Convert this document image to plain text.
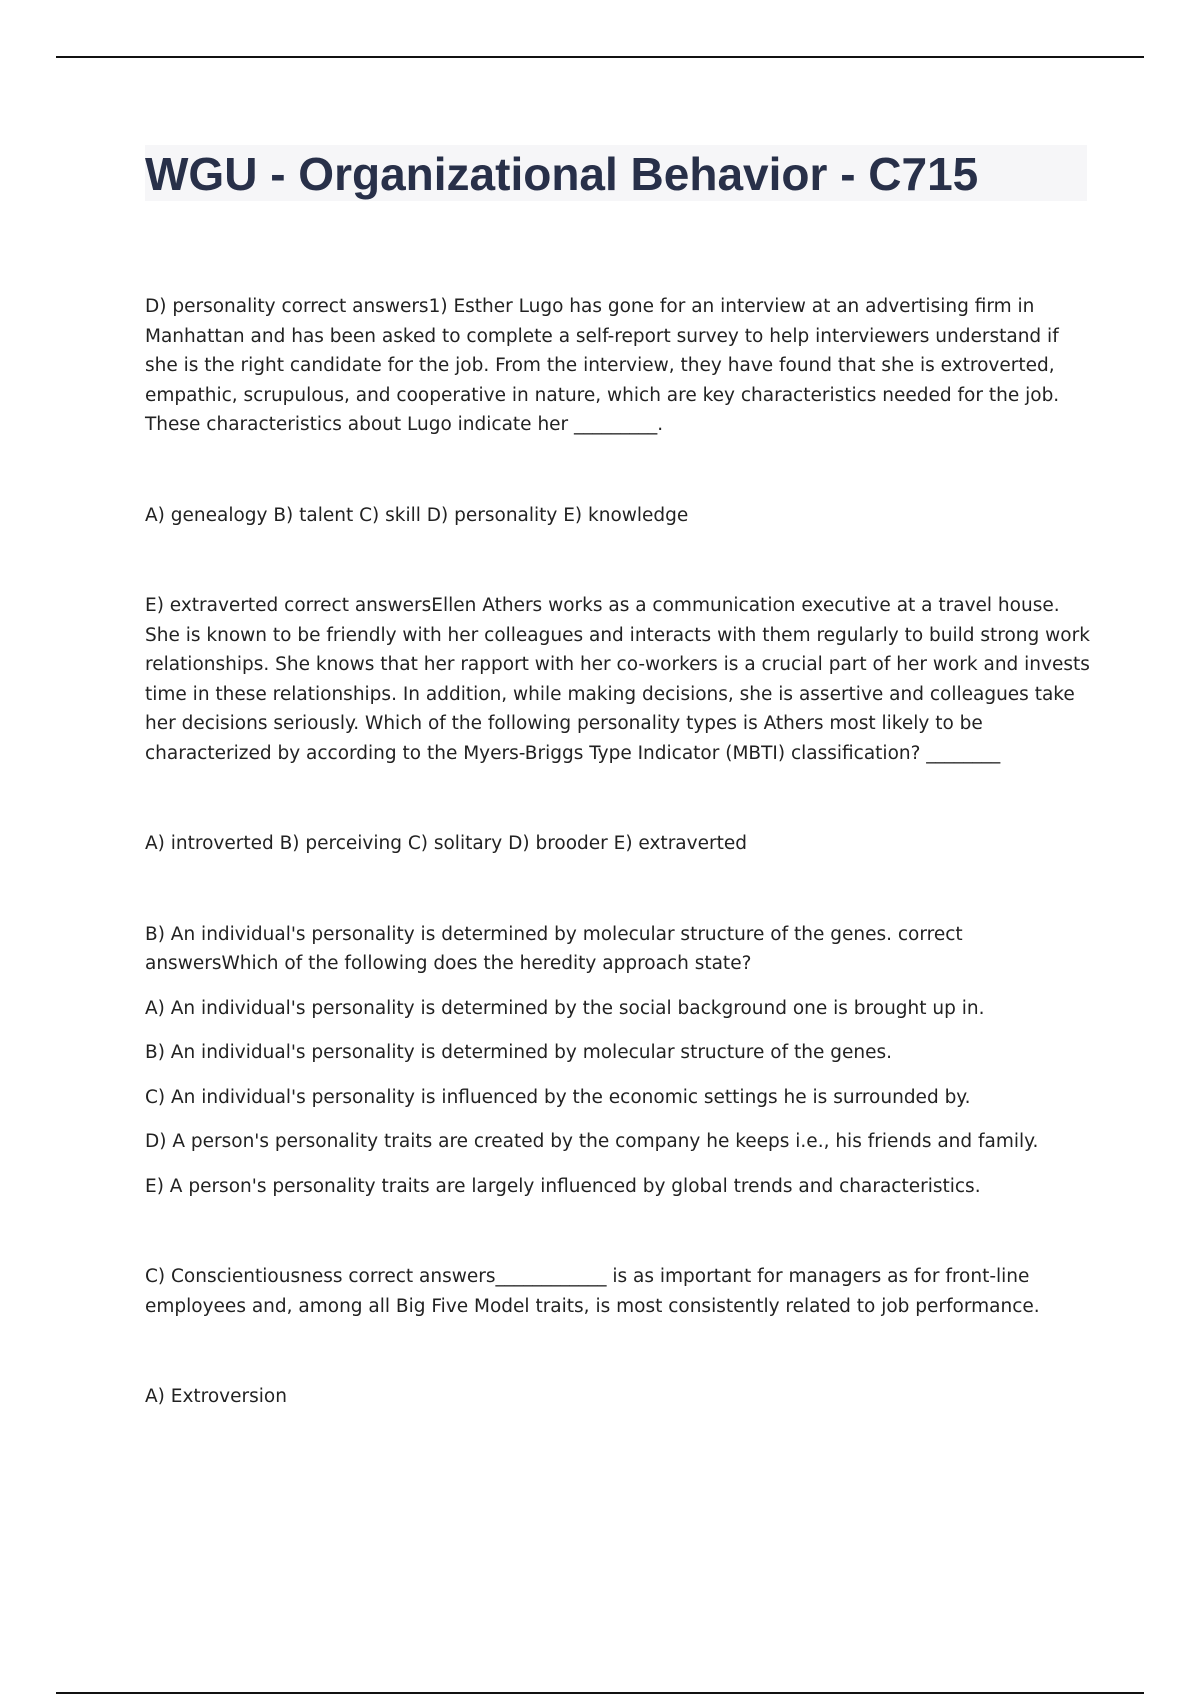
WGU - Organizational Behavior - C715

D) personality correct answers1) Esther Lugo has gone for an interview at an advertising firm in Manhattan and has been asked to complete a self-report survey to help interviewers understand if she is the right candidate for the job. From the interview, they have found that she is extroverted, empathic, scrupulous, and cooperative in nature, which are key characteristics needed for the job. These characteristics about Lugo indicate her _________.

A) genealogy B) talent C) skill D) personality E) knowledge

E) extraverted correct answersEllen Athers works as a communication executive at a travel house. She is known to be friendly with her colleagues and interacts with them regularly to build strong work relationships. She knows that her rapport with her co-workers is a crucial part of her work and invests time in these relationships. In addition, while making decisions, she is assertive and colleagues take her decisions seriously. Which of the following personality types is Athers most likely to be characterized by according to the Myers-Briggs Type Indicator (MBTI) classification? ________

A) introverted B) perceiving C) solitary D) brooder E) extraverted

B) An individual's personality is determined by molecular structure of the genes. correct answersWhich of the following does the heredity approach state?

A) An individual's personality is determined by the social background one is brought up in.

B) An individual's personality is determined by molecular structure of the genes.

C) An individual's personality is influenced by the economic settings he is surrounded by.

D) A person's personality traits are created by the company he keeps i.e., his friends and family.

E) A person's personality traits are largely influenced by global trends and characteristics.

C) Conscientiousness correct answers____________ is as important for managers as for front-line employees and, among all Big Five Model traits, is most consistently related to job performance.

A) Extroversion
